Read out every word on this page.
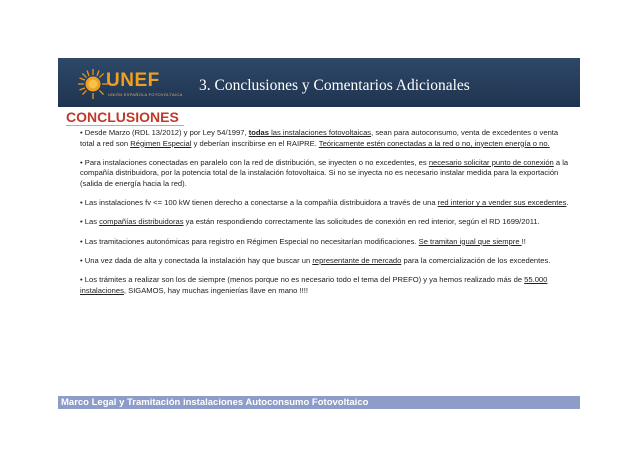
UNEF
UNIÓN ESPAÑOLA FOTOVOLTAICA
3. Conclusiones y Comentarios Adicionales
CONCLUSIONES

• Desde Marzo (RDL 13/2012) y por Ley 54/1997, todas las instalaciones fotovoltaicas, sean para autoconsumo, venta de excedentes o venta total a red son Régimen Especial y deberían inscribirse en el RAIPRE. Teóricamente estén conectadas a la red o no, inyecten energía o no.

• Para instalaciones conectadas en paralelo con la red de distribución, se inyecten o no excedentes, es necesario solicitar punto de conexión a la compañía distribuidora, por la potencia total de la instalación fotovoltaica. Si no se inyecta no es necesario instalar medida para la exportación (salida de energía hacia la red).

• Las instalaciones fv <= 100 kW tienen derecho a conectarse a la compañía distribuidora a través de una red interior y a vender sus excedentes.

• Las compañías distribuidoras ya están respondiendo correctamente las solicitudes de conexión en red interior, según el RD 1699/2011.

• Las tramitaciones autonómicas para registro en Régimen Especial no necesitarían modificaciones. Se tramitan igual que siempre !!

• Una vez dada de alta y conectada la instalación hay que buscar un representante de mercado para la comercialización de los excedentes.

• Los trámites a realizar son los de siempre (menos porque no es necesario todo el tema del PREFO) y ya hemos realizado más de 55.000 instalaciones, SIGAMOS, hay muchas ingenierías llave en mano !!!!

Marco Legal y Tramitación instalaciones Autoconsumo Fotovoltaico
